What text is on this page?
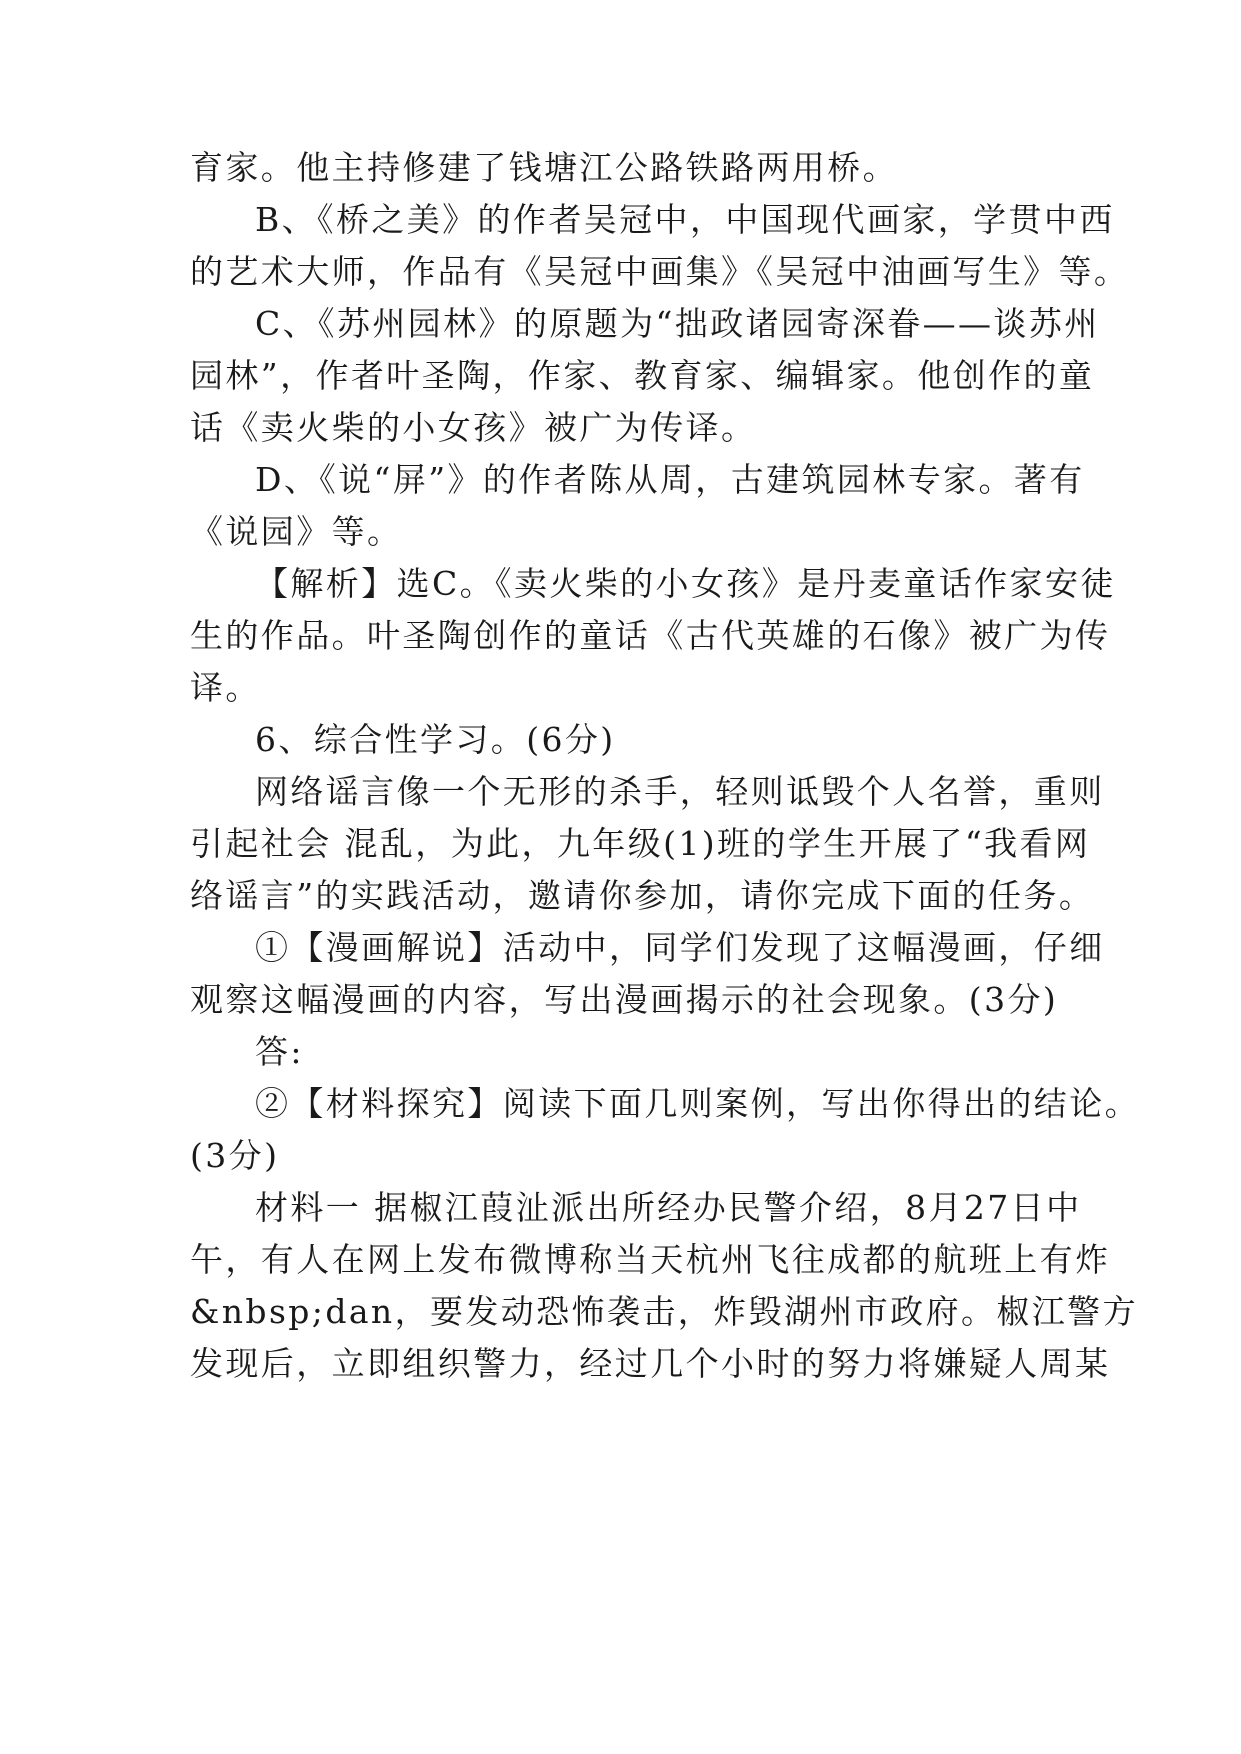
育家。他主持修建了钱塘江公路铁路两用桥。
B、《桥之美》的作者吴冠中，中国现代画家，学贯中西
的艺术大师，作品有《吴冠中画集》《吴冠中油画写生》等。
C、《苏州园林》的原题为“拙政诸园寄深眷——谈苏州
园林”，作者叶圣陶，作家、教育家、编辑家。他创作的童
话《卖火柴的小女孩》被广为传译。
D、《说“屏”》的作者陈从周，古建筑园林专家。著有
《说园》等。
【解析】选C。《卖火柴的小女孩》是丹麦童话作家安徒
生的作品。叶圣陶创作的童话《古代英雄的石像》被广为传
译。
6、综合性学习。(6分)
网络谣言像一个无形的杀手，轻则诋毁个人名誉，重则
引起社会 混乱，为此，九年级(1)班的学生开展了“我看网
络谣言”的实践活动，邀请你参加，请你完成下面的任务。
①【漫画解说】活动中，同学们发现了这幅漫画，仔细
观察这幅漫画的内容，写出漫画揭示的社会现象。(3分)
答:
②【材料探究】阅读下面几则案例，写出你得出的结论。
(3分)
材料一 据椒江葭沚派出所经办民警介绍，8月27日中
午，有人在网上发布微博称当天杭州飞往成都的航班上有炸
&nbsp;dan，要发动恐怖袭击，炸毁湖州市政府。椒江警方
发现后，立即组织警力，经过几个小时的努力将嫌疑人周某
